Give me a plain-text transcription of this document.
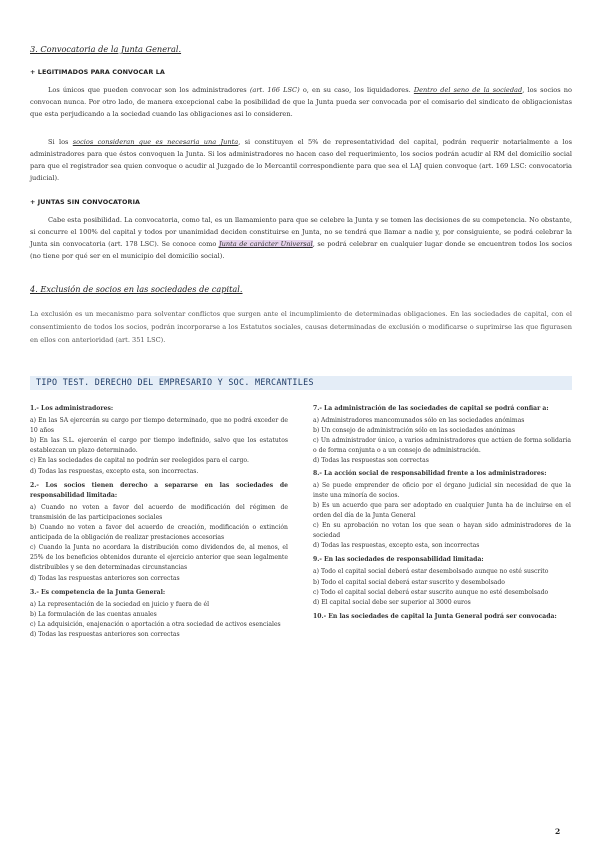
3. Convocatoria de la Junta General.
+ LEGITIMADOS PARA CONVOCAR LA

Los únicos que pueden convocar son los administradores (art. 166 LSC) o, en su caso, los liquidadores. Dentro del seno de la sociedad, los socios no convocan nunca. Por otro lado, de manera excepcional cabe la posibilidad de que la Junta pueda ser convocada por el comisario del sindicato de obligacionistas que esta perjudicando a la sociedad cuando las obligaciones asi lo consideren.

Si los socios consideran que es necesaria una Junta, si constituyen el 5% de representatividad del capital, podrán requerir notarialmente a los administradores para que éstos convoquen la Junta. Si los administradores no hacen caso del requerimiento, los socios podrán acudir al RM del domicilio social para que el registrador sea quien convoque o acudir al Juzgado de lo Mercantil correspondiente para que sea el LAJ quien convoque (art. 169 LSC: convocatoria judicial).

+ JUNTAS SIN CONVOCATORIA

Cabe esta posibilidad. La convocatoria, como tal, es un llamamiento para que se celebre la Junta y se tomen las decisiones de su competencia. No obstante, si concurre el 100% del capital y todos por unanimidad deciden constituirse en Junta, no se tendrá que llamar a nadie y, por consiguiente, se podrá celebrar la Junta sin convocatoria (art. 178 LSC). Se conoce como Junta de carácter Universal, se podrá celebrar en cualquier lugar donde se encuentren todos los socios (no tiene por qué ser en el municipio del domicilio social).

4. Exclusión de socios en las sociedades de capital.

La exclusión es un mecanismo para solventar conflictos que surgen ante el incumplimiento de determinadas obligaciones. En las sociedades de capital, con el consentimiento de todos los socios, podrán incorporarse a los Estatutos sociales, causas determinadas de exclusión o modificarse o suprimirse las que figurasen en ellos con anterioridad (art. 351 LSC).

TIPO TEST. DERECHO DEL EMPRESARIO Y SOC. MERCANTILES
1.- Los administradores:
a) En las SA ejercerán su cargo por tiempo determinado, que no podrá exceder de 10 años
b) En las S.L. ejercerán el cargo por tiempo indefinido, salvo que los estatutos establezcan un plazo determinado.
c) En las sociedades de capital no podrán ser reelegidos para el cargo.
d) Todas las respuestas, excepto esta, son incorrectas.
2.- Los socios tienen derecho a separarse en las sociedades de responsabilidad limitada:
a) Cuando no voten a favor del acuerdo de modificación del régimen de transmisión de las participaciones sociales
b) Cuando no voten a favor del acuerdo de creación, modificación o extinción anticipada de la obligación de realizar prestaciones accesorias
c) Cuando la Junta no acordara la distribución como dividendos de, al menos, el 25% de los beneficios obtenidos durante el ejercicio anterior que sean legalmente distribuibles y se den determinadas circunstancias
d) Todas las respuestas anteriores son correctas
3.- Es competencia de la Junta General:
a) La representación de la sociedad en juicio y fuera de él
b) La formulación de las cuentas anuales
c) La adquisición, enajenación o aportación a otra sociedad de activos esenciales
d) Todas las respuestas anteriores son correctas
7.- La administración de las sociedades de capital se podrá confiar a:
a) Administradores mancomunados sólo en las sociedades anónimas
b) Un consejo de administración sólo en las sociedades anónimas
c) Un administrador único, a varios administradores que actúen de forma solidaria o de forma conjunta o a un consejo de administración.
d) Todas las respuestas son correctas
8.- La acción social de responsabilidad frente a los administradores:
a) Se puede emprender de oficio por el órgano judicial sin necesidad de que la inste una minoría de socios.
b) Es un acuerdo que para ser adoptado en cualquier Junta ha de incluirse en el orden del día de la Junta General
c) En su aprobación no votan los que sean o hayan sido administradores de la sociedad
d) Todas las respuestas, excepto esta, son incorrectas
9.- En las sociedades de responsabilidad limitada:
a) Todo el capital social deberá estar desembolsado aunque no esté suscrito
b) Todo el capital social deberá estar suscrito y desembolsado
c) Todo el capital social deberá estar suscrito aunque no esté desembolsado
d) El capital social debe ser superior al 3000 euros
10.- En las sociedades de capital la Junta General podrá ser convocada:
2
